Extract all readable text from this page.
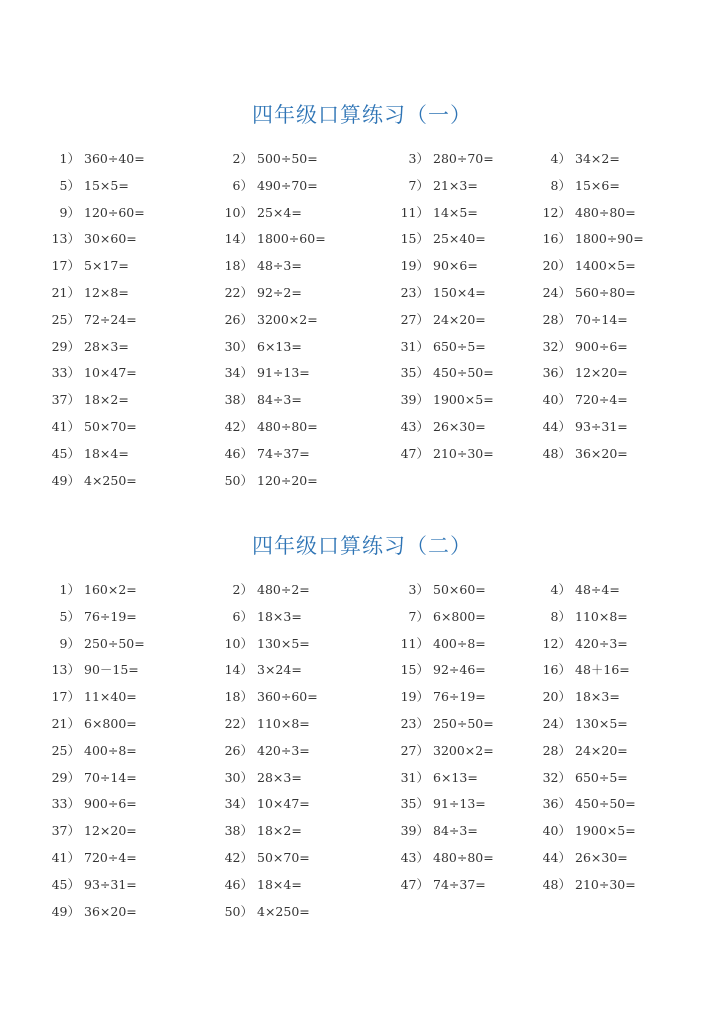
四年级口算练习（一）
1） 360÷40=	2） 500÷50=	3） 280÷70=	4） 34×2=
5） 15×5=	6） 490÷70=	7） 21×3=	8） 15×6=
9） 120÷60=	10） 25×4=	11） 14×5=	12） 480÷80=
13） 30×60=	14） 1800÷60=	15） 25×40=	16） 1800÷90=
17） 5×17=	18） 48÷3=	19） 90×6=	20） 1400×5=
21） 12×8=	22） 92÷2=	23） 150×4=	24） 560÷80=
25） 72÷24=	26） 3200×2=	27） 24×20=	28） 70÷14=
29） 28×3=	30） 6×13=	31） 650÷5=	32） 900÷6=
33） 10×47=	34） 91÷13=	35） 450÷50=	36） 12×20=
37） 18×2=	38） 84÷3=	39） 1900×5=	40） 720÷4=
41） 50×70=	42） 480÷80=	43） 26×30=	44） 93÷31=
45） 18×4=	46） 74÷37=	47） 210÷30=	48） 36×20=
49） 4×250=	50） 120÷20=
四年级口算练习（二）
1） 160×2=	2） 480÷2=	3） 50×60=	4） 48÷4=
5） 76÷19=	6） 18×3=	7） 6×800=	8） 110×8=
9） 250÷50=	10） 130×5=	11） 400÷8=	12） 420÷3=
13） 90－15=	14） 3×24=	15） 92÷46=	16） 48＋16=
17） 11×40=	18） 360÷60=	19） 76÷19=	20） 18×3=
21） 6×800=	22） 110×8=	23） 250÷50=	24） 130×5=
25） 400÷8=	26） 420÷3=	27） 3200×2=	28） 24×20=
29） 70÷14=	30） 28×3=	31） 6×13=	32） 650÷5=
33） 900÷6=	34） 10×47=	35） 91÷13=	36） 450÷50=
37） 12×20=	38） 18×2=	39） 84÷3=	40） 1900×5=
41） 720÷4=	42） 50×70=	43） 480÷80=	44） 26×30=
45） 93÷31=	46） 18×4=	47） 74÷37=	48） 210÷30=
49） 36×20=	50） 4×250=
